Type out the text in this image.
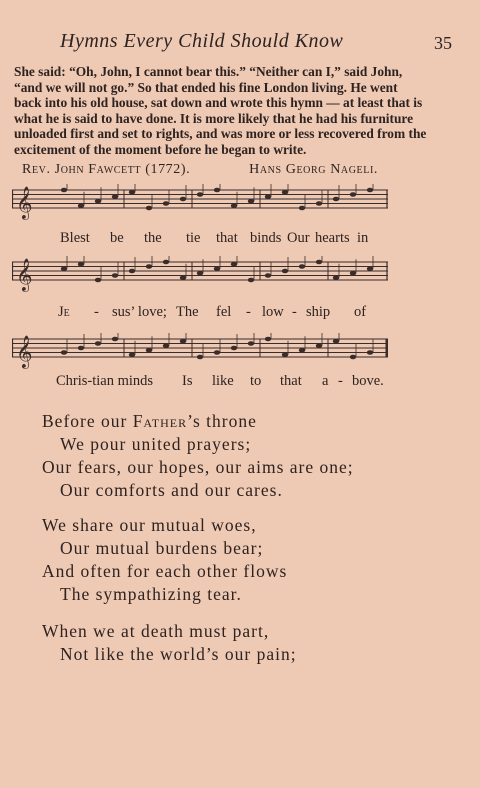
Hymns Every Child Should Know	35
She said: “Oh, John, I cannot bear this.” “Neither can I,” said John,
“and we will not go.” So that ended his fine London living. He went
back into his old house, sat down and wrote this hymn — at least that is
what he is said to have done. It is more likely that he had his furniture
unloaded first and set to rights, and was more or less recovered from the
excitement of the moment before he began to write.
Rev. John Fawcett (1772).	Hans Georg Nageli.
𝄞
Blest be the tie that binds Our hearts in
𝄞
Je - sus’ love; The fel - low - ship of
𝄞
Chris-tian minds Is like to that a - bove.
Before our Father’s throne
We pour united prayers;
Our fears, our hopes, our aims are one;
Our comforts and our cares.
We share our mutual woes,
Our mutual burdens bear;
And often for each other flows
The sympathizing tear.
When we at death must part,
Not like the world’s our pain;
